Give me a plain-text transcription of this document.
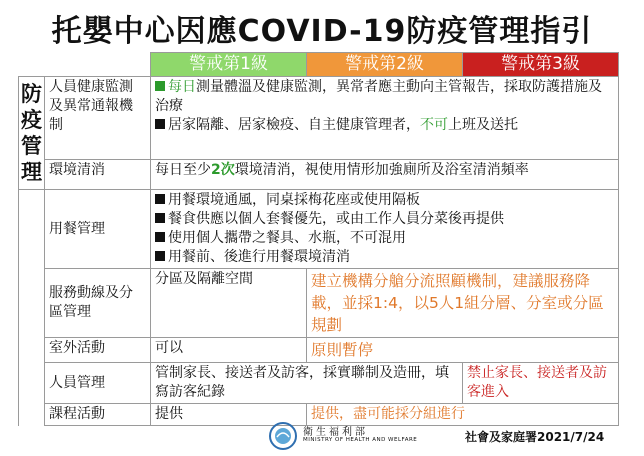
托嬰中心因應COVID-19防疫管理指引
		警戒第1級	警戒第2級	警戒第3級
防
疫
管
理	人員健康監測及異常通報機制	每日測量體溫及健康監測，異常者應主動向主管報告，採取防護措施及治療
居家隔離、居家檢疫、自主健康管理者，不可上班及送托		
	環境清消	每日至少2次環境清消，視使用情形加強廁所及浴室清消頻率		
	用餐管理	用餐環境通風，同桌採梅花座或使用隔板
餐食供應以個人套餐優先，或由工作人員分菜後再提供
使用個人攜帶之餐具、水瓶，不可混用
用餐前、後進行用餐環境清消		
	服務動線及分區管理	分區及隔離空間	建立機構分艙分流照顧機制，建議服務降載，並採1:4，以5人1組分層、分室或分區規劃	
	室外活動	可以	原則暫停	
	人員管理	管制家長、接送者及訪客，採實聯制及造冊，填寫訪客紀錄		禁止家長、接送者及訪客進入
	課程活動	提供	提供，盡可能採分組進行	
衛生福利部
MINISTRY OF HEALTH AND WELFARE	社會及家庭署2021/7/24
